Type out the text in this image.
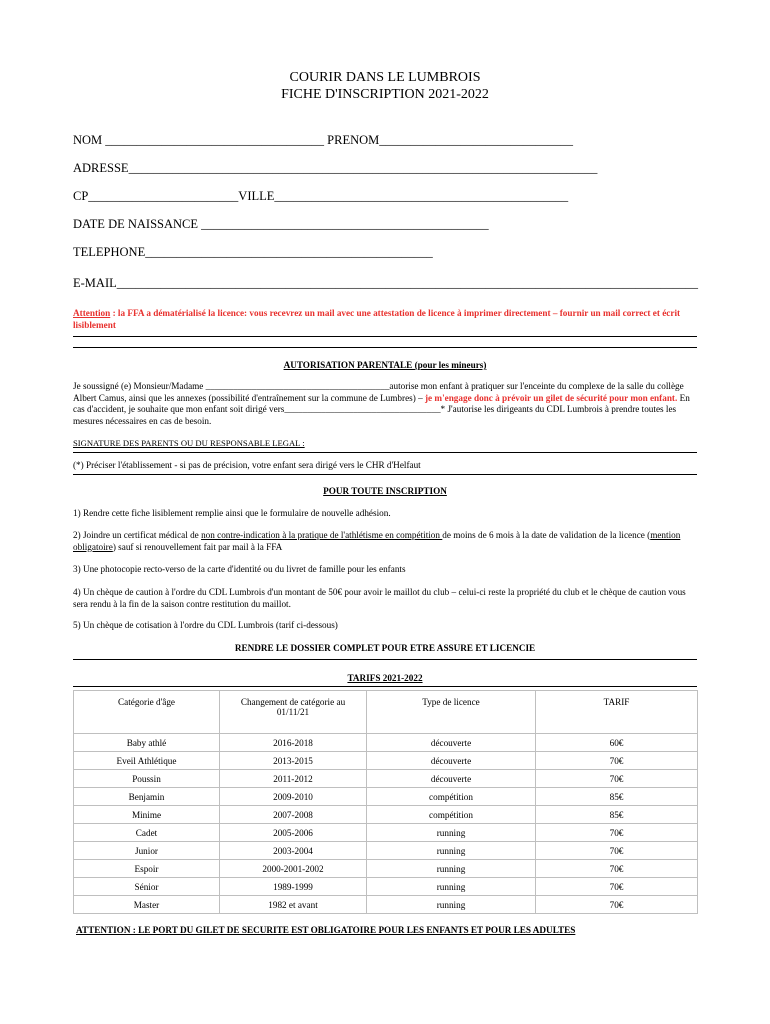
COURIR DANS LE LUMBROIS
FICHE D'INSCRIPTION 2021-2022
NOM ___________________________________ PRENOM_______________________________
ADRESSE___________________________________________________________________________
CP________________________VILLE_______________________________________________
DATE DE NAISSANCE ______________________________________________
TELEPHONE______________________________________________
E-MAIL_____________________________________________________________________________________________
Attention : la FFA a dématérialisé la licence: vous recevrez un mail avec une attestation de licence à imprimer directement – fournir un mail correct et écrit lisiblement
AUTORISATION PARENTALE (pour les mineurs)
Je soussigné (e) Monsieur/Madame ________________________________________autorise mon enfant à pratiquer sur l'enceinte du complexe de la salle du collège Albert Camus, ainsi que les annexes (possibilité d'entraînement sur la commune de Lumbres) – je m'engage donc à prévoir un gilet de sécurité pour mon enfant. En cas d'accident, je souhaite que mon enfant soit dirigé vers__________________________________* J'autorise les dirigeants du CDL Lumbrois à prendre toutes les mesures nécessaires en cas de besoin.
SIGNATURE DES PARENTS OU DU RESPONSABLE LEGAL :
(*) Préciser l'établissement - si pas de précision, votre enfant sera dirigé vers le CHR d'Helfaut
POUR TOUTE INSCRIPTION
1) Rendre cette fiche lisiblement remplie ainsi que le formulaire de nouvelle adhésion.
2) Joindre un certificat médical de non contre-indication à la pratique de l'athlétisme en compétition de moins de 6 mois à la date de validation de la licence (mention obligatoire) sauf si renouvellement fait par mail à la FFA
3) Une photocopie recto-verso de la carte d'identité ou du livret de famille pour les enfants
4) Un chèque de caution à l'ordre du CDL Lumbrois d'un montant de 50€ pour avoir le maillot du club – celui-ci reste la propriété du club et le chèque de caution vous sera rendu à la fin de la saison contre restitution du maillot.
5) Un chèque de cotisation à l'ordre du CDL Lumbrois (tarif ci-dessous)
RENDRE LE DOSSIER COMPLET POUR ETRE ASSURE ET LICENCIE
TARIFS 2021-2022
Catégorie d'âge	Changement de catégorie au 01/11/21	Type de licence	TARIF
Baby athlé	2016-2018	découverte	60€
Eveil Athlétique	2013-2015	découverte	70€
Poussin	2011-2012	découverte	70€
Benjamin	2009-2010	compétition	85€
Minime	2007-2008	compétition	85€
Cadet	2005-2006	running	70€
Junior	2003-2004	running	70€
Espoir	2000-2001-2002	running	70€
Sénior	1989-1999	running	70€
Master	1982 et avant	running	70€
ATTENTION : LE PORT DU GILET DE SECURITE EST OBLIGATOIRE POUR LES ENFANTS ET POUR LES ADULTES
